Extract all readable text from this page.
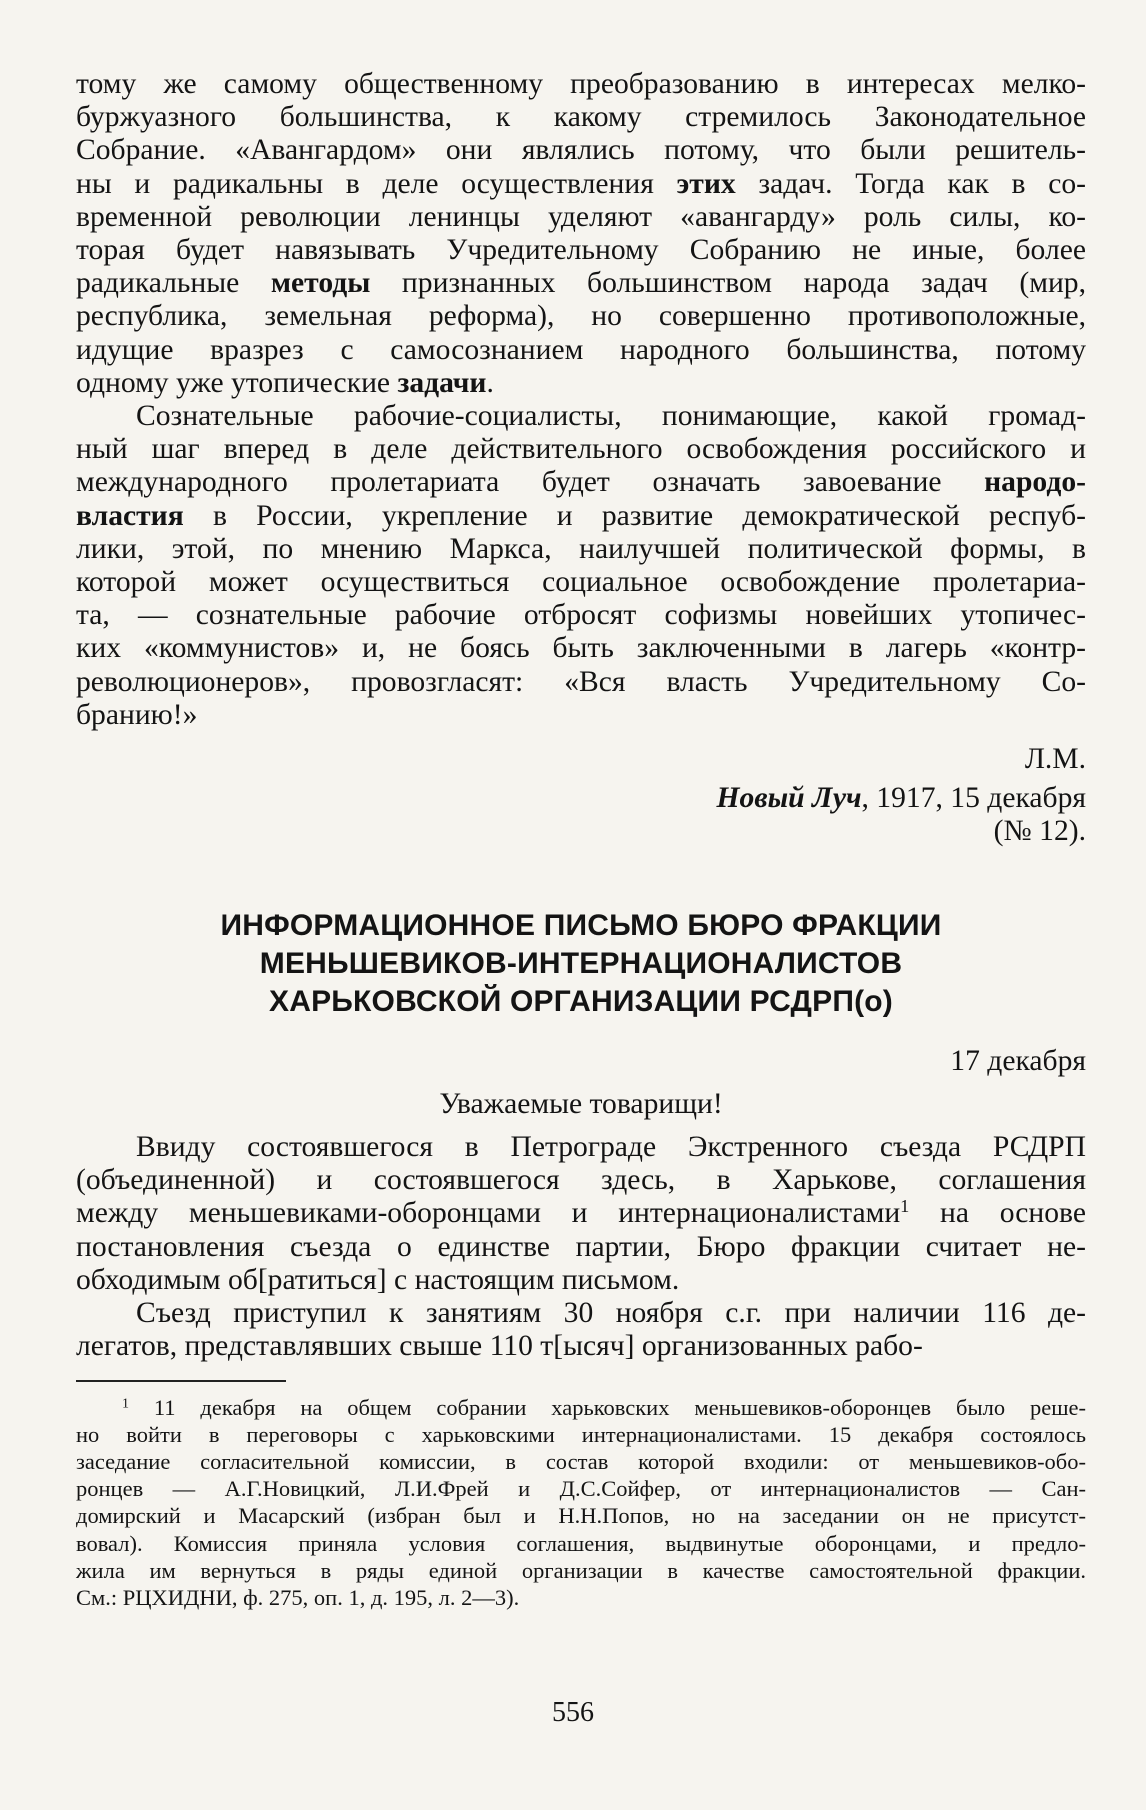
тому же самому общественному преобразованию в интересах мелко-
буржуазного большинства, к какому стремилось Законодательное
Собрание. «Авангардом» они являлись потому, что были решитель-
ны и радикальны в деле осуществления этих задач. Тогда как в со-
временной революции ленинцы уделяют «авангарду» роль силы, ко-
торая будет навязывать Учредительному Собранию не иные, более
радикальные методы признанных большинством народа задач (мир,
республика, земельная реформа), но совершенно противоположные,
идущие вразрез с самосознанием народного большинства, потому
одному уже утопические задачи.
Сознательные рабочие-социалисты, понимающие, какой громад-
ный шаг вперед в деле действительного освобождения российского и
международного пролетариата будет означать завоевание народо-
властия в России, укрепление и развитие демократической респуб-
лики, этой, по мнению Маркса, наилучшей политической формы, в
которой может осуществиться социальное освобождение пролетариа-
та, — сознательные рабочие отбросят софизмы новейших утопичес-
ких «коммунистов» и, не боясь быть заключенными в лагерь «контр-
революционеров», провозгласят: «Вся власть Учредительному Со-
бранию!»

Л.М.

Новый Луч, 1917, 15 декабря

(№ 12).

ИНФОРМАЦИОННОЕ ПИСЬМО БЮРО ФРАКЦИИ
МЕНЬШЕВИКОВ-ИНТЕРНАЦИОНАЛИСТОВ
ХАРЬКОВСКОЙ ОРГАНИЗАЦИИ РСДРП(о)

17 декабря

Уважаемые товарищи!

Ввиду состоявшегося в Петрограде Экстренного съезда РСДРП
(объединенной) и состоявшегося здесь, в Харькове, соглашения
между меньшевиками-оборонцами и интернационалистами$^1$ на основе
постановления съезда о единстве партии, Бюро фракции считает не-
обходимым об[ратиться] с настоящим письмом.
Съезд приступил к занятиям 30 ноября с.г. при наличии 116 де-
легатов, представлявших свыше 110 т[ысяч] организованных рабо-
$^1$ 11 декабря на общем собрании харьковских меньшевиков-оборонцев было реше-
но войти в переговоры с харьковскими интернационалистами. 15 декабря состоялось
заседание согласительной комиссии, в состав которой входили: от меньшевиков-обо-
ронцев — А.Г.Новицкий, Л.И.Фрей и Д.С.Сойфер, от интернационалистов — Сан-
домирский и Масарский (избран был и Н.Н.Попов, но на заседании он не присутст-
вовал). Комиссия приняла условия соглашения, выдвинутые оборонцами, и предло-
жила им вернуться в ряды единой организации в качестве самостоятельной фракции.
См.: РЦХИДНИ, ф. 275, оп. 1, д. 195, л. 2—3).
556
